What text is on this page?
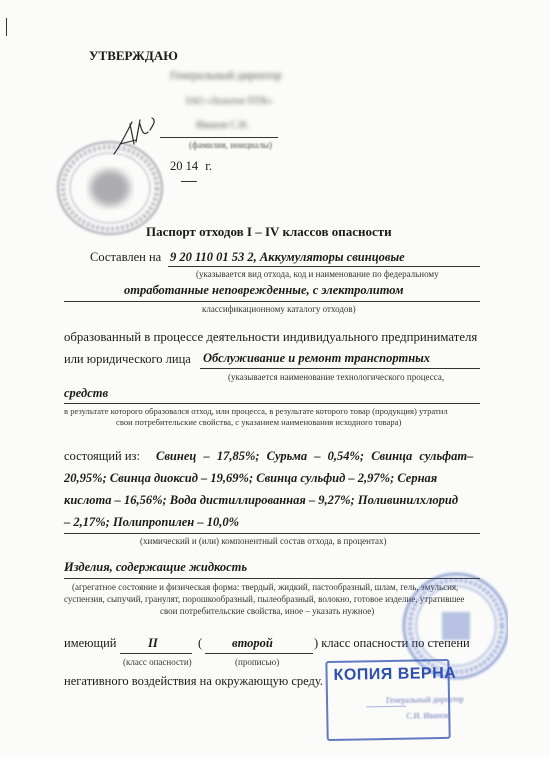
УТВЕРЖДАЮ
Генеральный директор
ЗАО «Золотое ПТК»
Иванов С.И.
(фамилия, инициалы)
20 14 г.
Паспорт отходов I – IV классов опасности
Составлен на 9 20 110 01 53 2, Аккумуляторы свинцовые
(указывается вид отхода, код и наименование по федеральному
отработанные неповрежденные, с электролитом
классификационному каталогу отходов)
образованный в процессе деятельности индивидуального предпринимателя
или юридического лица Обслуживание и ремонт транспортных
(указывается наименование технологического процесса,
средств
в результате которого образовался отход, или процесса, в результате которого товар (продукция) утратил
свои потребительские свойства, с указанием наименования исходного товара)
состоящий из: Свинец – 17,85%; Сурьма – 0,54%; Свинца сульфат–
20,95%; Свинца диоксид – 19,69%; Свинца сульфид – 2,97%; Серная
кислота – 16,56%; Вода дистиллированная – 9,27%; Поливинилхлорид
– 2,17%; Полипропилен – 10,0%
(химический и (или) компонентный состав отхода, в процентах)
Изделия, содержащие жидкость
(агрегатное состояние и физическая форма: твердый, жидкий, пастообразный, шлам, гель, эмульсия,
суспензия, сыпучий, гранулят, порошкообразный, пылеобразный, волокно, готовое изделие, утратившее
свои потребительские свойства, иное – указать нужное)
имеющий	II	( второй	) класс опасности по степени
(класс опасности)	(прописью)
негативного воздействия на окружающую среду. КОПИЯ ВЕРНА
Генеральный директор
С.И. Иванов
